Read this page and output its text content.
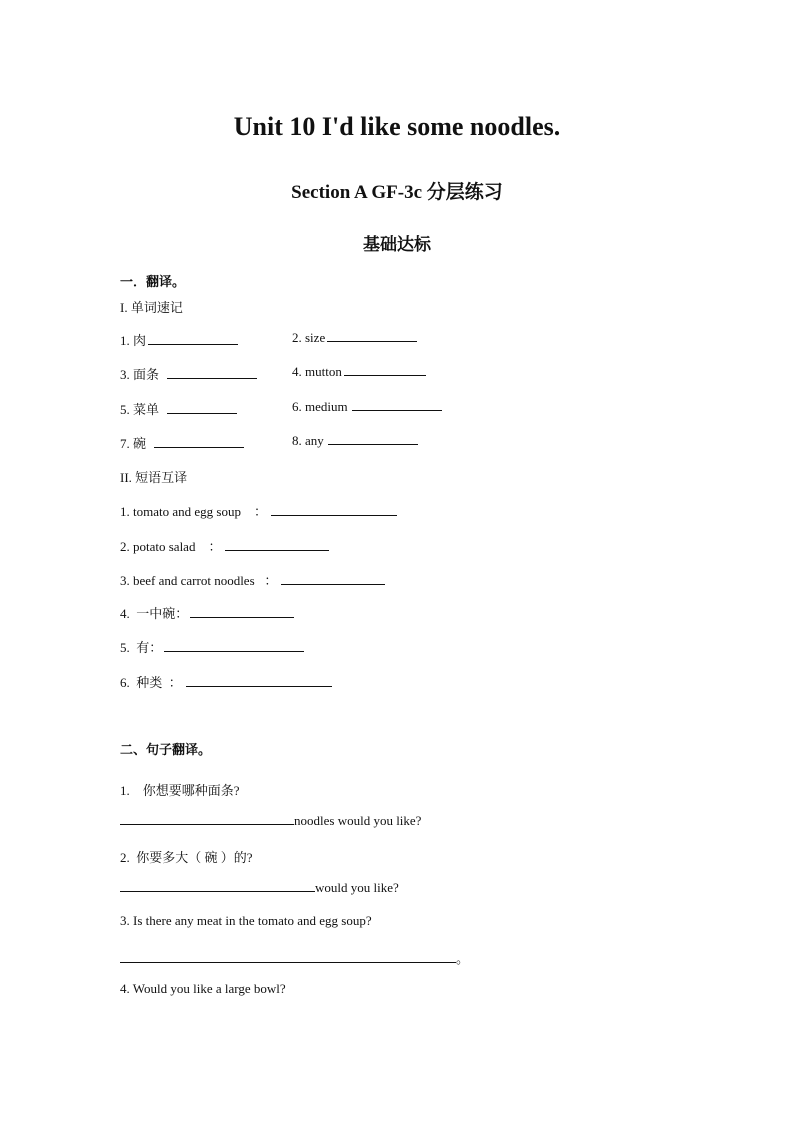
Unit 10 I'd like some noodles.
Section A GF-3c 分层练习
基础达标
一．翻译。
I. 单词速记
1. 肉	2. size
3. 面条	4. mutton
5. 菜单	6. medium
7. 碗	8. any
II. 短语互译
1. tomato and egg soup    ：
2. potato salad    ：
3. beef and carrot noodles   ：
4.  一中碗：
5.  有：
6.  种类  ：
二、句子翻译。
1.    你想要哪种面条?
noodles would you like?
2.  你要多大（ 碗 ）的?
would you like?
3. Is there any meat in the tomato and egg soup?
。
4. Would you like a large bowl?
